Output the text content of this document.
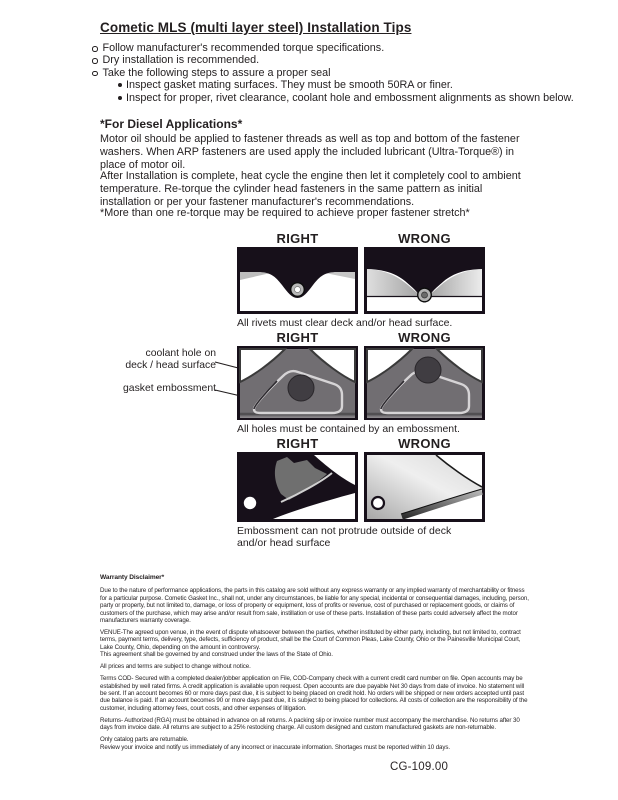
Cometic MLS (multi layer steel) Installation Tips
Follow manufacturer's recommended torque specifications.
Dry installation is recommended.
Take the following steps to assure a proper seal
Inspect gasket mating surfaces. They must be smooth 50RA or finer.
Inspect for proper, rivet clearance, coolant hole and embossment alignments as shown below.
*For Diesel Applications*
Motor oil should be applied to fastener threads as well as top and bottom of the fastener washers. When ARP fasteners are used apply the included lubricant (Ultra-Torque®) in place of motor oil.
After Installation is complete, heat cycle the engine then let it completely cool to ambient temperature. Re-torque the cylinder head fasteners in the same pattern as initial installation or per your fastener manufacturer's recommendations.
*More than one re-torque may be required to achieve proper fastener stretch*
RIGHT	WRONG
All rivets must clear deck and/or head surface.
coolant hole on
deck / head surface
gasket embossment
RIGHT	WRONG
All holes must be contained by an embossment.
RIGHT	WRONG
Embossment can not protrude outside of deck and/or head surface
Warranty Disclaimer*

Due to the nature of performance applications, the parts in this catalog are sold without any express warranty or any implied warranty of merchantability or fitness for a particular purpose. Cometic Gasket Inc., shall not, under any circumstances, be liable for any special, incidental or consequential damages, including, person, party or property, but not limited to, damage, or loss of property or equipment, loss of profits or revenue, cost of purchased or replacement goods, or claims of customers of the purchase, which may arise and/or result from sale, instillation or use of these parts. Installation of these parts could adversely affect the motor manufacturers warranty coverage.

VENUE-The agreed upon venue, in the event of dispute whatsoever between the parties, whether instituted by either party, including, but not limited to, contract terms, payment terms, delivery, type, defects, sufficiency of product, shall be the Court of Common Pleas, Lake County, Ohio or the Painesville Municipal Court, Lake County, Ohio, depending on the amount in controversy.
This agreement shall be governed by and construed under the laws of the State of Ohio.

All prices and terms are subject to change without notice.

Terms COD- Secured with a completed dealer/jobber application on File, COD-Company check with a current credit card number on file. Open accounts may be established by well rated firms. A credit application is available upon request. Open accounts are due payable Net 30 days from date of invoice. No statement will be sent. If an account becomes 60 or more days past due, it is subject to being placed on credit hold. No orders will be shipped or new orders accepted until past due balance is paid. If an account becomes 90 or more days past due, it is subject to being placed for collections. All costs of collection are the responsibility of the customer, including attorney fees, court costs, and other expenses of litigation.

Returns- Authorized (RGA) must be obtained in advance on all returns. A packing slip or invoice number must accompany the merchandise. No returns after 30 days from invoice date. All returns are subject to a 25% restocking charge. All custom designed and custom manufactured gaskets are non-returnable.

Only catalog parts are returnable.
Review your invoice and notify us immediately of any incorrect or inaccurate information. Shortages must be reported within 10 days.

CG-109.00
